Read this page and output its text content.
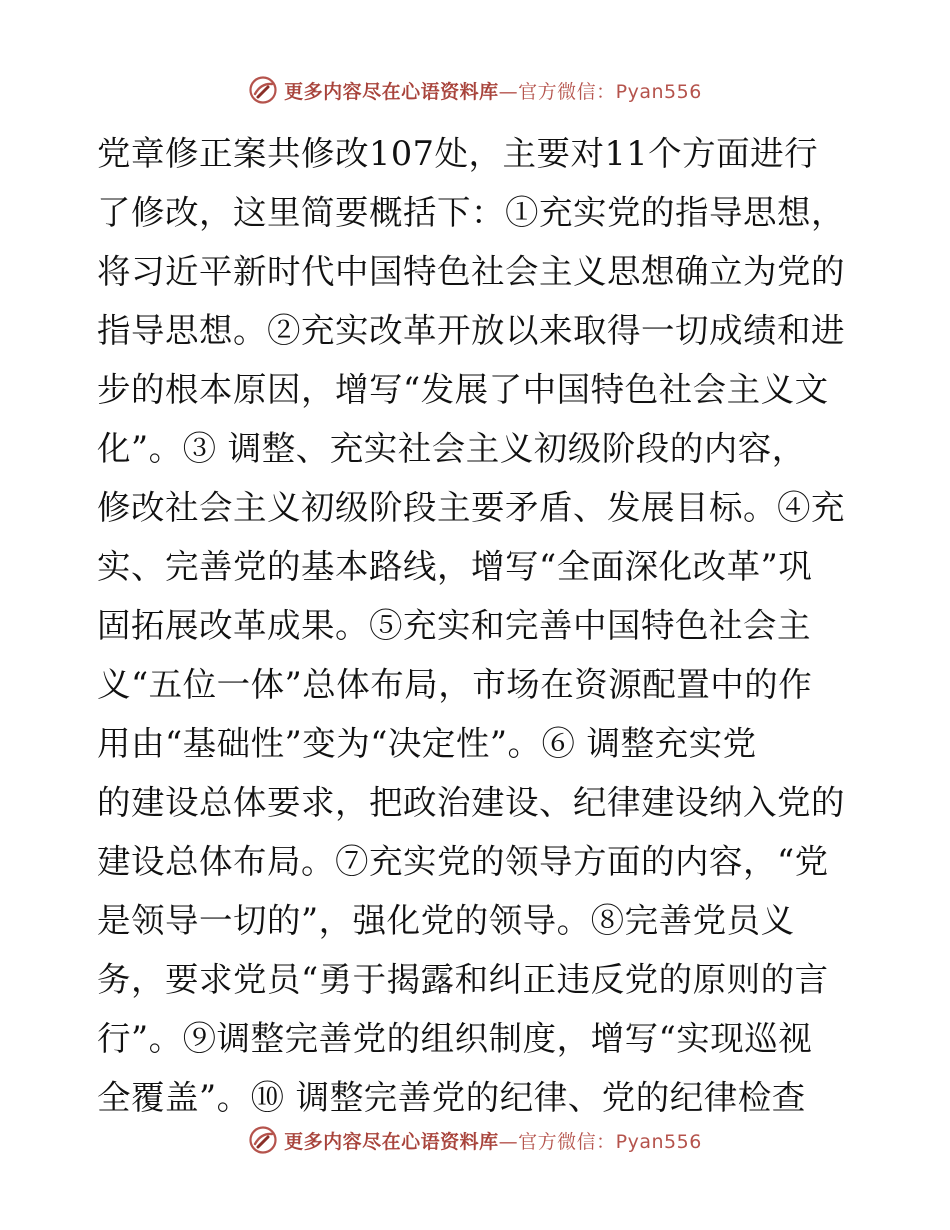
更多内容尽在心语资料库—官方微信：Pyan556
党章修正案共修改107处，主要对11个方面进行
了修改，这里简要概括下：①充实党的指导思想，
将习近平新时代中国特色社会主义思想确立为党的
指导思想。②充实改革开放以来取得一切成绩和进
步的根本原因，增写“发展了中国特色社会主义文
化”。③ 调整、充实社会主义初级阶段的内容，
修改社会主义初级阶段主要矛盾、发展目标。④充
实、完善党的基本路线，增写“全面深化改革”巩
固拓展改革成果。⑤充实和完善中国特色社会主
义“五位一体”总体布局，市场在资源配置中的作
用由“基础性”变为“决定性”。⑥ 调整充实党
的建设总体要求，把政治建设、纪律建设纳入党的
建设总体布局。⑦充实党的领导方面的内容，“党
是领导一切的”，强化党的领导。⑧完善党员义
务，要求党员“勇于揭露和纠正违反党的原则的言
行”。⑨调整完善党的组织制度，增写“实现巡视
全覆盖”。⑩ 调整完善党的纪律、党的纪律检查
更多内容尽在心语资料库—官方微信：Pyan556
